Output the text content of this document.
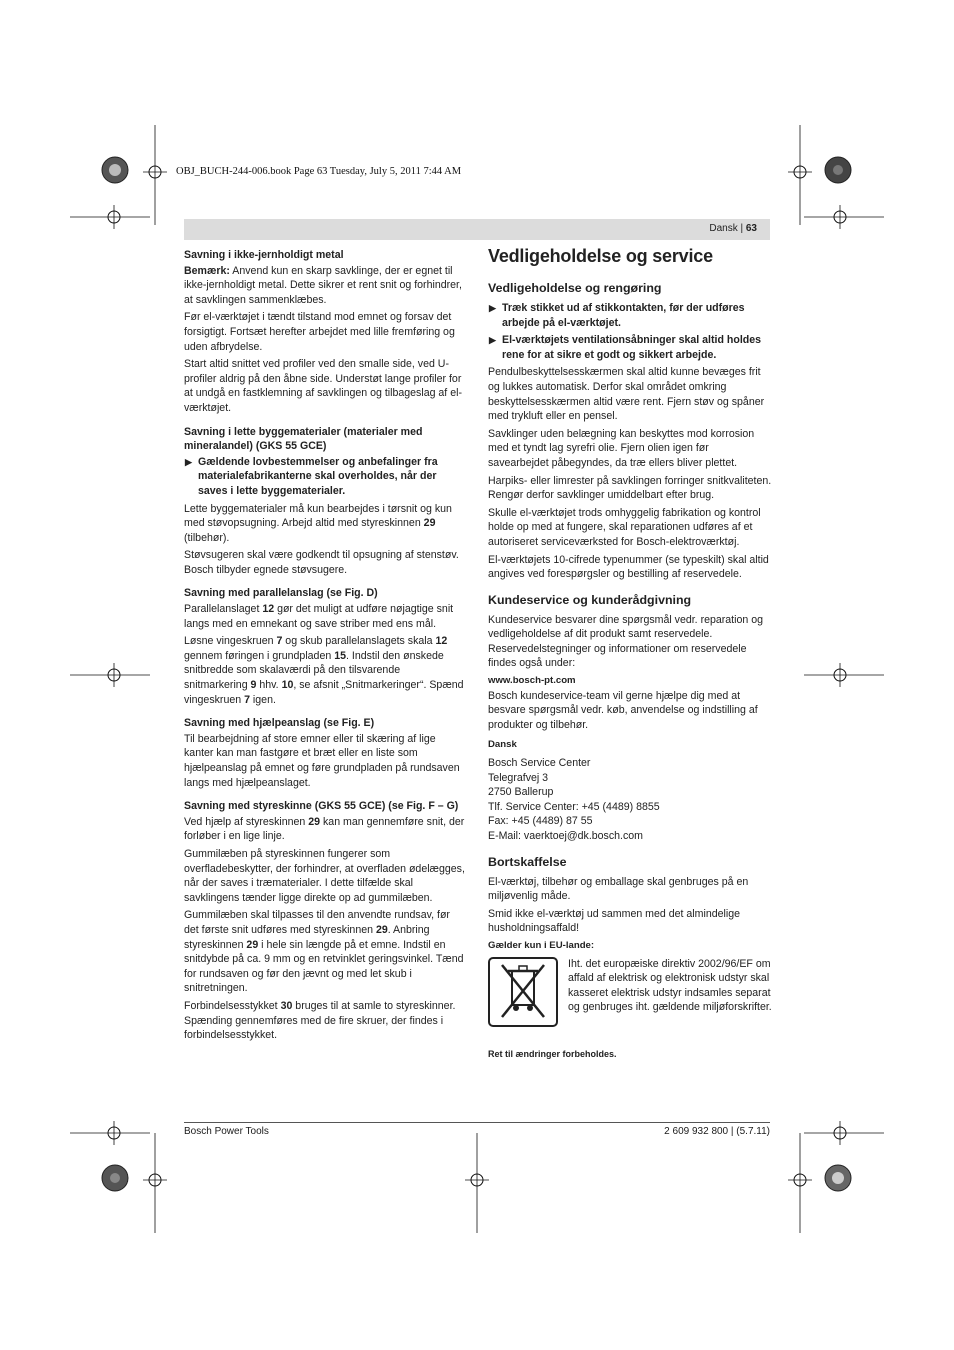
OBJ_BUCH-244-006.book Page 63 Tuesday, July 5, 2011 7:44 AM
Dansk | 63
Savning i ikke-jernholdigt metal

Bemærk: Anvend kun en skarp savklinge, der er egnet til ikke-jernholdigt metal. Dette sikrer et rent snit og forhindrer, at savklingen sammenklæbes.

Før el-værktøjet i tændt tilstand mod emnet og forsav det forsigtigt. Fortsæt herefter arbejdet med lille fremføring og uden afbrydelse.

Start altid snittet ved profiler ved den smalle side, ved U-profiler aldrig på den åbne side. Understøt lange profiler for at undgå en fastklemning af savklingen og tilbageslag af el-værktøjet.

Savning i lette byggematerialer (materialer med mineralandel) (GKS 55 GCE)
▶ Gældende lovbestemmelser og anbefalinger fra materialefabrikanterne skal overholdes, når der saves i lette byggematerialer.

Lette byggematerialer må kun bearbejdes i tørsnit og kun med støvopsugning. Arbejd altid med styreskinnen 29 (tilbehør).

Støvsugeren skal være godkendt til opsugning af stenstøv. Bosch tilbyder egnede støvsugere.

Savning med parallelanslag (se Fig. D)

Parallelanslaget 12 gør det muligt at udføre nøjagtige snit langs med en emnekant og save striber med ens mål.

Løsne vingeskruen 7 og skub parallelanslagets skala 12 gennem føringen i grundpladen 15. Indstil den ønskede snitbredde som skalaværdi på den tilsvarende snitmarkering 9 hhv. 10, se afsnit „Snitmarkeringer“. Spænd vingeskruen 7 igen.

Savning med hjælpeanslag (se Fig. E)

Til bearbejdning af store emner eller til skæring af lige kanter kan man fastgøre et bræt eller en liste som hjælpeanslag på emnet og føre grundpladen på rundsaven langs med hjælpeanslaget.

Savning med styreskinne (GKS 55 GCE) (se Fig. F – G)

Ved hjælp af styreskinnen 29 kan man gennemføre snit, der forløber i en lige linje.

Gummilæben på styreskinnen fungerer som overfladebeskytter, der forhindrer, at overfladen ødelægges, når der saves i træmaterialer. I dette tilfælde skal savklingens tænder ligge direkte op ad gummilæben.

Gummilæben skal tilpasses til den anvendte rundsav, før det første snit udføres med styreskinnen 29. Anbring styreskinnen 29 i hele sin længde på et emne. Indstil en snitdybde på ca. 9 mm og en retvinklet geringsvinkel. Tænd for rundsaven og før den jævnt og med let skub i snitretningen.

Forbindelsesstykket 30 bruges til at samle to styreskinner. Spænding gennemføres med de fire skruer, der findes i forbindelsesstykket.

Vedligeholdelse og service
Vedligeholdelse og rengøring
▶ Træk stikket ud af stikkontakten, før der udføres arbejde på el-værktøjet.
▶ El-værktøjets ventilationsåbninger skal altid holdes rene for at sikre et godt og sikkert arbejde.

Pendulbeskyttelsesskærmen skal altid kunne bevæges frit og lukkes automatisk. Derfor skal området omkring beskyttelsesskærmen altid være rent. Fjern støv og spåner med trykluft eller en pensel.

Savklinger uden belægning kan beskyttes mod korrosion med et tyndt lag syrefri olie. Fjern olien igen før savearbejdet påbegyndes, da træ ellers bliver plettet.

Harpiks- eller limrester på savklingen forringer snitkvaliteten. Rengør derfor savklinger umiddelbart efter brug.

Skulle el-værktøjet trods omhyggelig fabrikation og kontrol holde op med at fungere, skal reparationen udføres af et autoriseret serviceværksted for Bosch-elektroværktøj.

El-værktøjets 10-cifrede typenummer (se typeskilt) skal altid angives ved forespørgsler og bestilling af reservedele.

Kundeservice og kunderådgivning

Kundeservice besvarer dine spørgsmål vedr. reparation og vedligeholdelse af dit produkt samt reservedele. Reservedelstegninger og informationer om reservedele findes også under:

www.bosch-pt.com

Bosch kundeservice-team vil gerne hjælpe dig med at besvare spørgsmål vedr. køb, anvendelse og indstilling af produkter og tilbehør.

Dansk
Bosch Service Center
Telegrafvej 3
2750 Ballerup
Tlf. Service Center: +45 (4489) 8855
Fax: +45 (4489) 87 55
E-Mail: vaerktoej@dk.bosch.com
Bortskaffelse

El-værktøj, tilbehør og emballage skal genbruges på en miljøvenlig måde.

Smid ikke el-værktøj ud sammen med det almindelige husholdningsaffald!

Gælder kun i EU-lande:
Iht. det europæiske direktiv 2002/96/EF om affald af elektrisk og elektronisk udstyr skal kasseret elektrisk udstyr indsamles separat og genbruges iht. gældende miljøforskrifter.
Ret til ændringer forbeholdes.
Bosch Power Tools	2 609 932 800 | (5.7.11)
